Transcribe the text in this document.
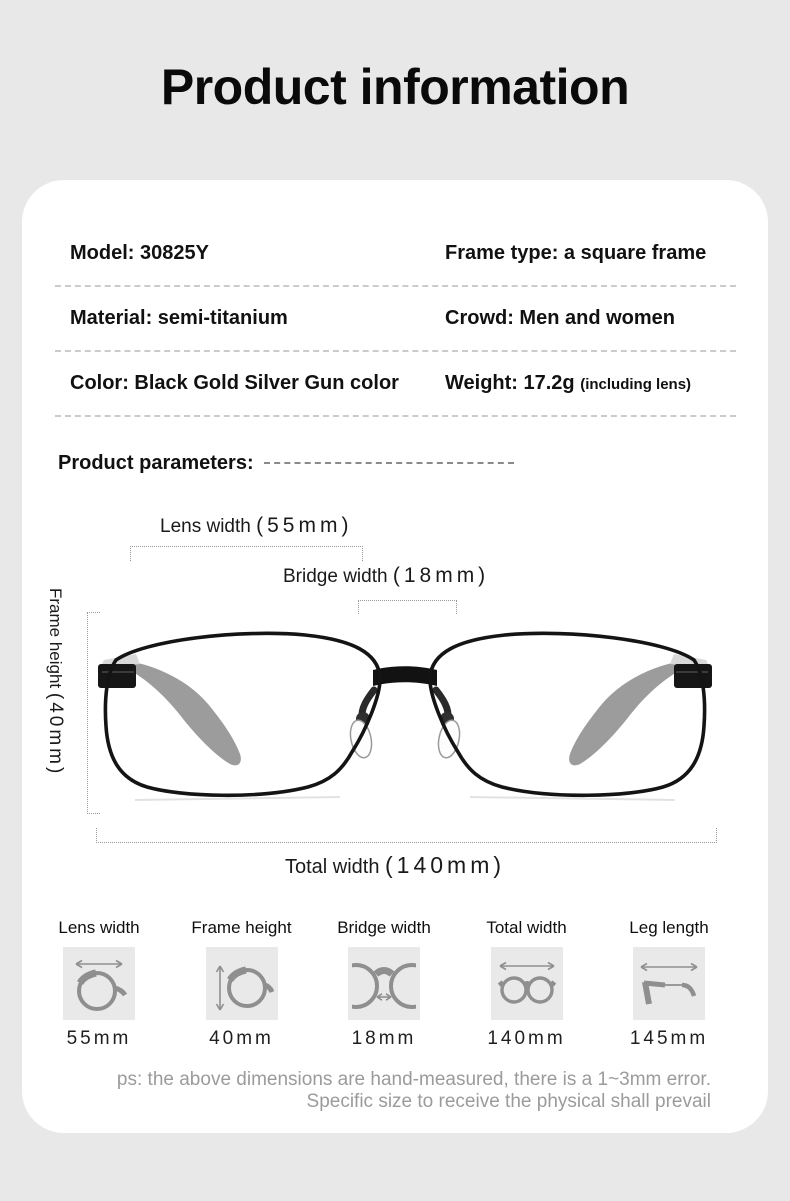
Product information
Model: 30825Y	Frame type: a square frame
Material: semi-titanium	Crowd: Men and women
Color: Black Gold Silver Gun color	Weight: 17.2g (including lens)
Product parameters:
Lens width (55mm)
Bridge width (18mm)
Frame height (40mm)
Total width (140mm)
Lens width
55mm
Frame height
40mm
Bridge width
18mm
Total width
140mm
Leg length
145mm
ps: the above dimensions are hand-measured, there is a 1~3mm error.
Specific size to receive the physical shall prevail
